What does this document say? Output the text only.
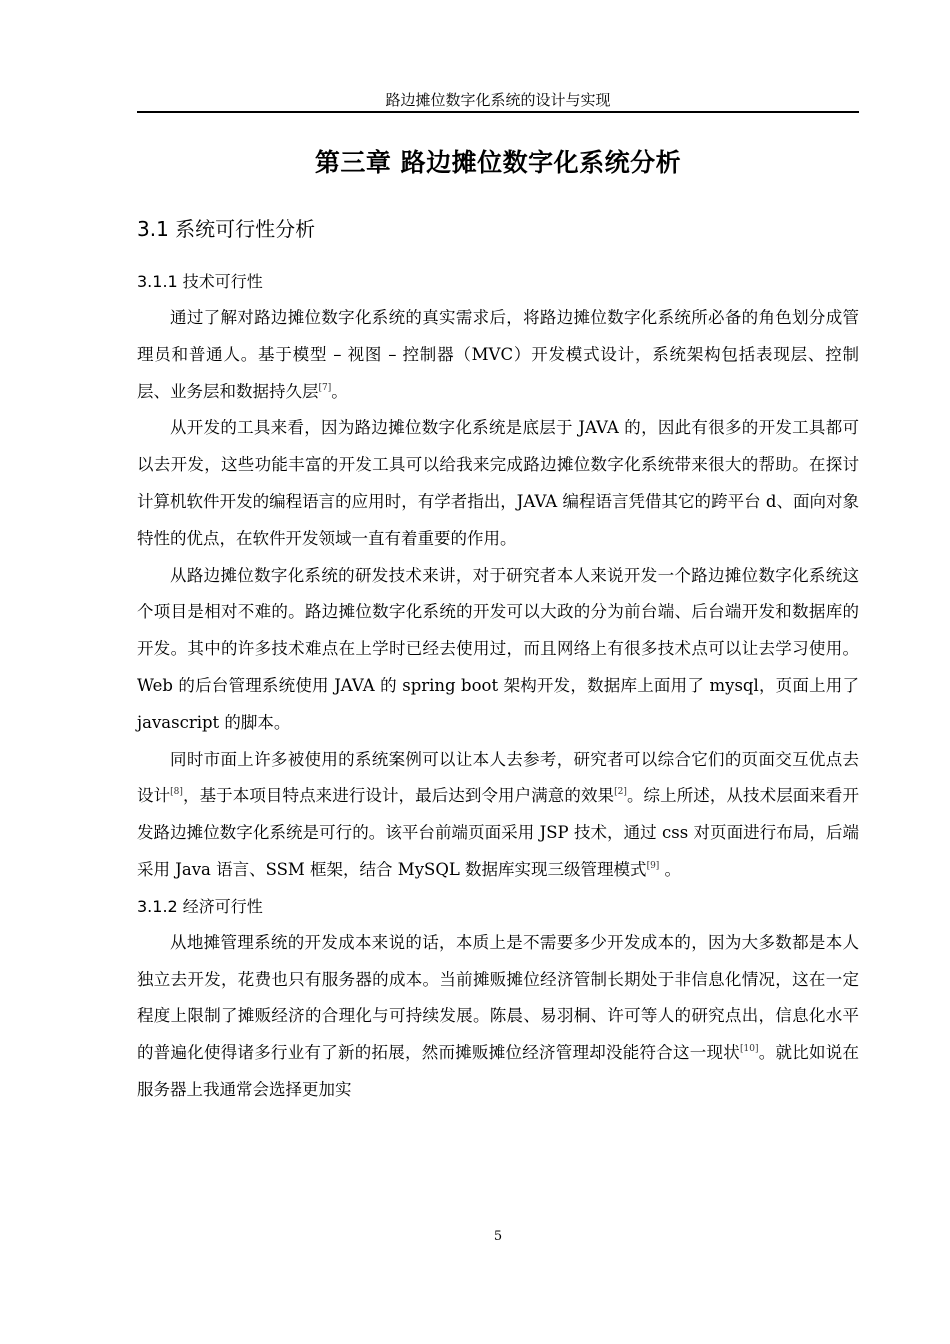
路边摊位数字化系统的设计与实现
第三章 路边摊位数字化系统分析
3.1 系统可行性分析
3.1.1 技术可行性

通过了解对路边摊位数字化系统的真实需求后，将路边摊位数字化系统所必备的角色划分成管理员和普通人。基于模型 – 视图 – 控制器（MVC）开发模式设计，系统架构包括表现层、控制层、业务层和数据持久层[7]。

从开发的工具来看，因为路边摊位数字化系统是底层于 JAVA 的，因此有很多的开发工具都可以去开发，这些功能丰富的开发工具可以给我来完成路边摊位数字化系统带来很大的帮助。在探讨计算机软件开发的编程语言的应用时，有学者指出，JAVA 编程语言凭借其它的跨平台 d、面向对象特性的优点，在软件开发领域一直有着重要的作用。

从路边摊位数字化系统的研发技术来讲，对于研究者本人来说开发一个路边摊位数字化系统这个项目是相对不难的。路边摊位数字化系统的开发可以大政的分为前台端、后台端开发和数据库的开发。其中的许多技术难点在上学时已经去使用过，而且网络上有很多技术点可以让去学习使用。Web 的后台管理系统使用 JAVA 的 spring boot 架构开发，数据库上面用了 mysql，页面上用了 javascript 的脚本。

同时市面上许多被使用的系统案例可以让本人去参考，研究者可以综合它们的页面交互优点去设计[8]，基于本项目特点来进行设计，最后达到令用户满意的效果[2]。综上所述，从技术层面来看开发路边摊位数字化系统是可行的。该平台前端页面采用 JSP 技术，通过 css 对页面进行布局，后端采用 Java 语言、SSM 框架，结合 MySQL 数据库实现三级管理模式[9] 。

3.1.2 经济可行性

从地摊管理系统的开发成本来说的话，本质上是不需要多少开发成本的，因为大多数都是本人独立去开发，花费也只有服务器的成本。当前摊贩摊位经济管制长期处于非信息化情况，这在一定程度上限制了摊贩经济的合理化与可持续发展。陈晨、易羽桐、许可等人的研究点出，信息化水平的普遍化使得诸多行业有了新的拓展，然而摊贩摊位经济管理却没能符合这一现状[10]。就比如说在服务器上我通常会选择更加实

5
